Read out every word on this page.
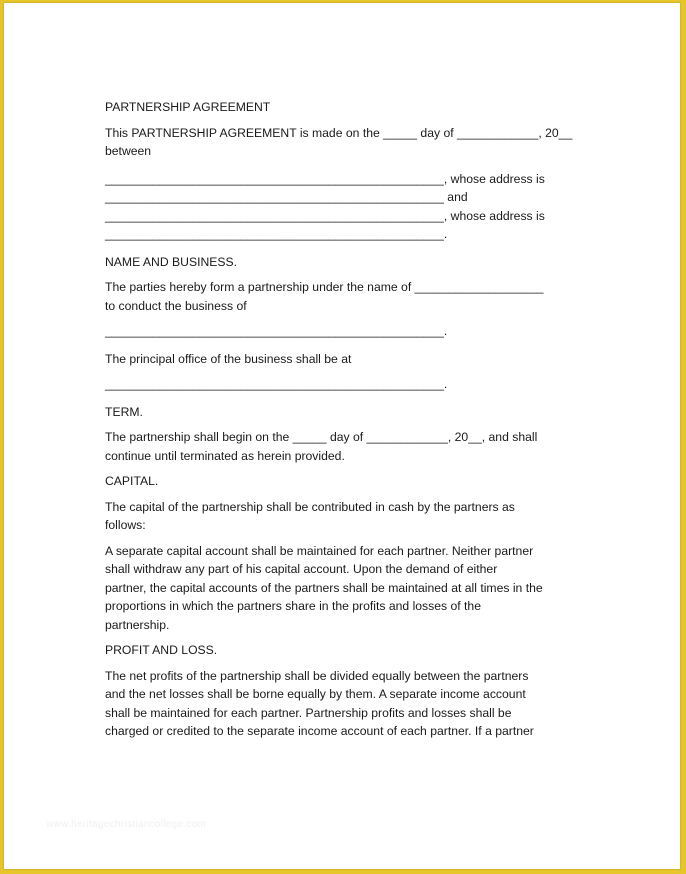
PARTNERSHIP AGREEMENT

This PARTNERSHIP AGREEMENT is made on the _____ day of ____________, 20__

between

__________________________________________________, whose address is

__________________________________________________ and

__________________________________________________, whose address is

__________________________________________________.

NAME AND BUSINESS.

The parties hereby form a partnership under the name of ___________________

to conduct the business of

__________________________________________________.

The principal office of the business shall be at

__________________________________________________.

TERM.

The partnership shall begin on the _____ day of ____________, 20__, and shall

continue until terminated as herein provided.

CAPITAL.

The capital of the partnership shall be contributed in cash by the partners as

follows:

A separate capital account shall be maintained for each partner. Neither partner

shall withdraw any part of his capital account. Upon the demand of either

partner, the capital accounts of the partners shall be maintained at all times in the

proportions in which the partners share in the profits and losses of the

partnership.

PROFIT AND LOSS.

The net profits of the partnership shall be divided equally between the partners

and the net losses shall be borne equally by them. A separate income account

shall be maintained for each partner. Partnership profits and losses shall be

charged or credited to the separate income account of each partner. If a partner

www.heritagechristiancollege.com
